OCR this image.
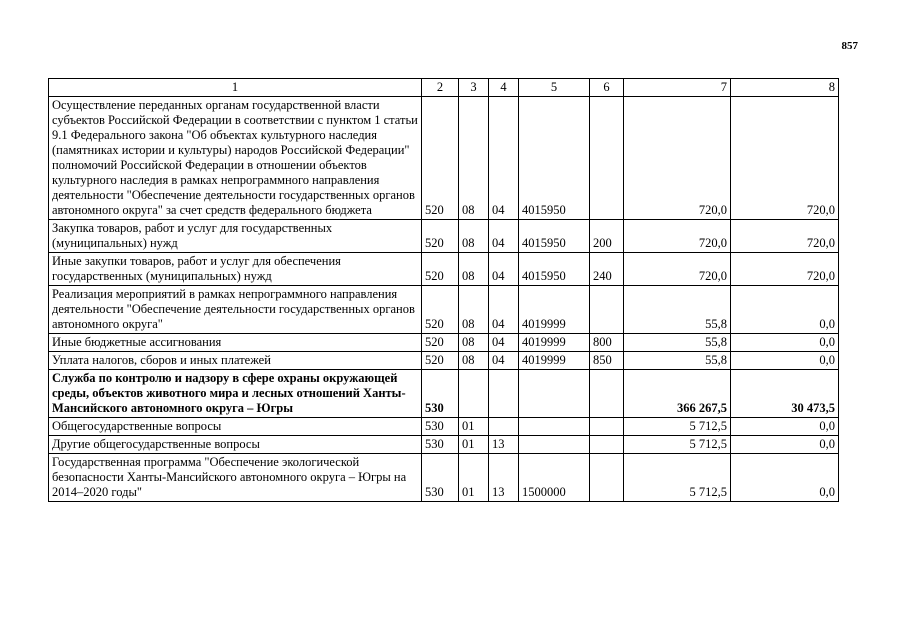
857
1	2	3	4	5	6	7	8
Осуществление переданных органам государственной власти субъектов Российской Федерации в соответствии с пунктом 1 статьи 9.1 Федерального закона "Об объектах культурного наследия (памятниках истории и культуры) народов Российской Федерации" полномочий Российской Федерации в отношении объектов культурного наследия в рамках непрограммного направления деятельности "Обеспечение деятельности государственных органов автономного округа" за счет средств федерального бюджета	520	08	04	4015950		720,0	720,0
Закупка товаров, работ и услуг для государственных (муниципальных) нужд	520	08	04	4015950	200	720,0	720,0
Иные закупки товаров, работ и услуг для обеспечения государственных (муниципальных) нужд	520	08	04	4015950	240	720,0	720,0
Реализация мероприятий в рамках непрограммного направления деятельности "Обеспечение деятельности государственных органов автономного округа"	520	08	04	4019999		55,8	0,0
Иные бюджетные ассигнования	520	08	04	4019999	800	55,8	0,0
Уплата налогов, сборов и иных платежей	520	08	04	4019999	850	55,8	0,0
Служба по контролю и надзору в сфере охраны окружающей среды, объектов животного мира и лесных отношений Ханты-Мансийского автономного округа – Югры	530					366 267,5	30 473,5
Общегосударственные вопросы	530	01				5 712,5	0,0
Другие общегосударственные вопросы	530	01	13			5 712,5	0,0
Государственная программа "Обеспечение экологической безопасности Ханты-Мансийского автономного округа – Югры на 2014–2020 годы"	530	01	13	1500000		5 712,5	0,0
